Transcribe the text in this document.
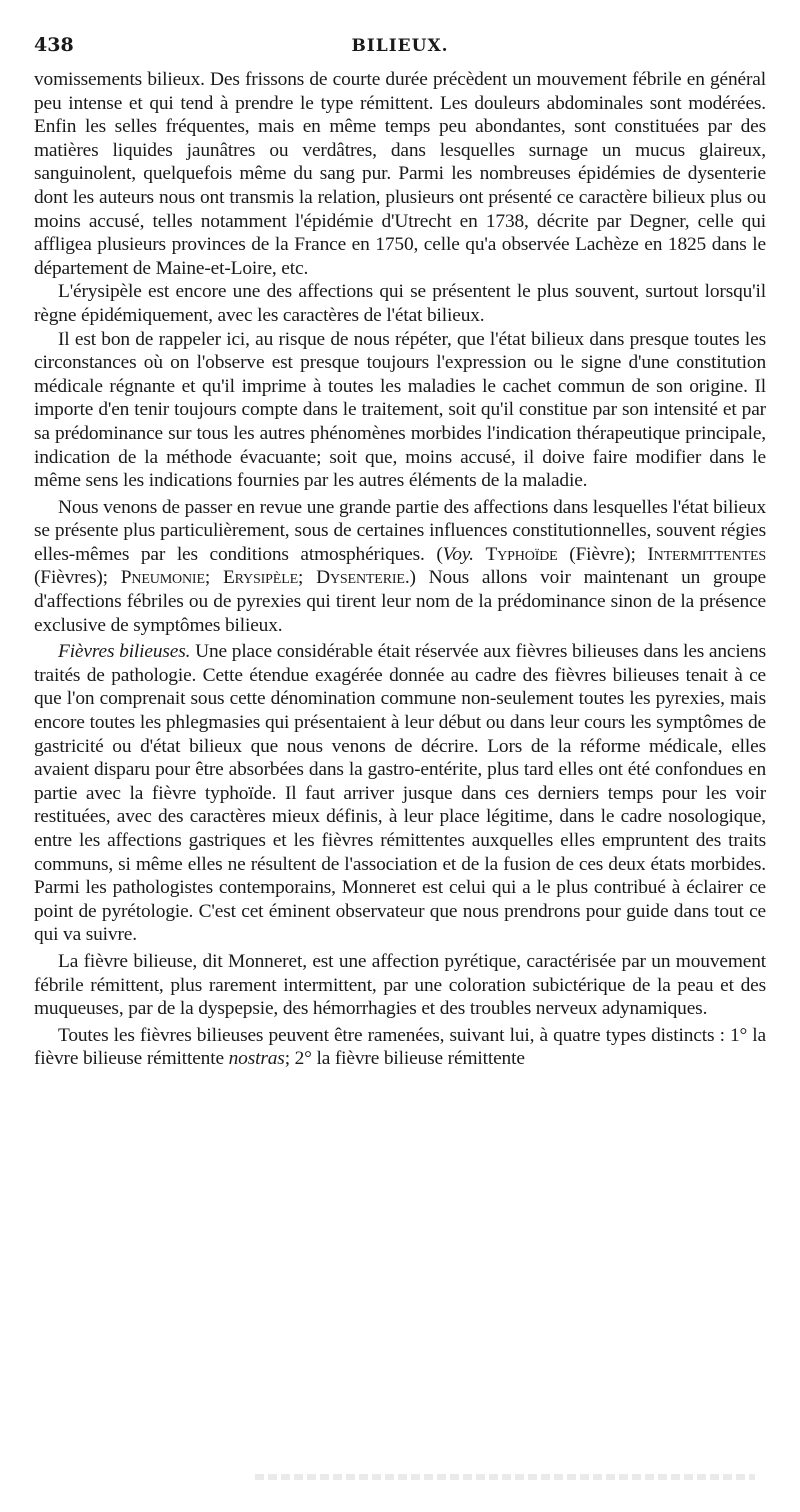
438	BILIEUX.

vomissements bilieux. Des frissons de courte durée précèdent un mouvement fébrile en général peu intense et qui tend à prendre le type rémittent. Les douleurs abdominales sont modérées. Enfin les selles fréquentes, mais en même temps peu abondantes, sont constituées par des matières liquides jaunâtres ou verdâtres, dans lesquelles surnage un mucus glaireux, sanguinolent, quelquefois même du sang pur. Parmi les nombreuses épidémies de dysenterie dont les auteurs nous ont transmis la relation, plusieurs ont présenté ce caractère bilieux plus ou moins accusé, telles notamment l'épidémie d'Utrecht en 1738, décrite par Degner, celle qui affligea plusieurs provinces de la France en 1750, celle qu'a observée Lachèze en 1825 dans le département de Maine-et-Loire, etc.

L'érysipèle est encore une des affections qui se présentent le plus souvent, surtout lorsqu'il règne épidémiquement, avec les caractères de l'état bilieux.

Il est bon de rappeler ici, au risque de nous répéter, que l'état bilieux dans presque toutes les circonstances où on l'observe est presque toujours l'expression ou le signe d'une constitution médicale régnante et qu'il imprime à toutes les maladies le cachet commun de son origine. Il importe d'en tenir toujours compte dans le traitement, soit qu'il constitue par son intensité et par sa prédominance sur tous les autres phénomènes morbides l'indication thérapeutique principale, indication de la méthode évacuante; soit que, moins accusé, il doive faire modifier dans le même sens les indications fournies par les autres éléments de la maladie.

Nous venons de passer en revue une grande partie des affections dans lesquelles l'état bilieux se présente plus particulièrement, sous de certaines influences constitutionnelles, souvent régies elles-mêmes par les conditions atmosphériques. (Voy. Typhoïde (Fièvre); Intermittentes (Fièvres); Pneumonie; Erysipèle; Dysenterie.) Nous allons voir maintenant un groupe d'affections fébriles ou de pyrexies qui tirent leur nom de la prédominance sinon de la présence exclusive de symptômes bilieux.

Fièvres bilieuses. Une place considérable était réservée aux fièvres bilieuses dans les anciens traités de pathologie. Cette étendue exagérée donnée au cadre des fièvres bilieuses tenait à ce que l'on comprenait sous cette dénomination commune non-seulement toutes les pyrexies, mais encore toutes les phlegmasies qui présentaient à leur début ou dans leur cours les symptômes de gastricité ou d'état bilieux que nous venons de décrire. Lors de la réforme médicale, elles avaient disparu pour être absorbées dans la gastro-entérite, plus tard elles ont été confondues en partie avec la fièvre typhoïde. Il faut arriver jusque dans ces derniers temps pour les voir restituées, avec des caractères mieux définis, à leur place légitime, dans le cadre nosologique, entre les affections gastriques et les fièvres rémittentes auxquelles elles empruntent des traits communs, si même elles ne résultent de l'association et de la fusion de ces deux états morbides. Parmi les pathologistes contemporains, Monneret est celui qui a le plus contribué à éclairer ce point de pyrétologie. C'est cet éminent observateur que nous prendrons pour guide dans tout ce qui va suivre.

La fièvre bilieuse, dit Monneret, est une affection pyrétique, caractérisée par un mouvement fébrile rémittent, plus rarement intermittent, par une coloration subictérique de la peau et des muqueuses, par de la dyspepsie, des hémorrhagies et des troubles nerveux adynamiques.

Toutes les fièvres bilieuses peuvent être ramenées, suivant lui, à quatre types distincts : 1° la fièvre bilieuse rémittente nostras; 2° la fièvre bilieuse rémittente
